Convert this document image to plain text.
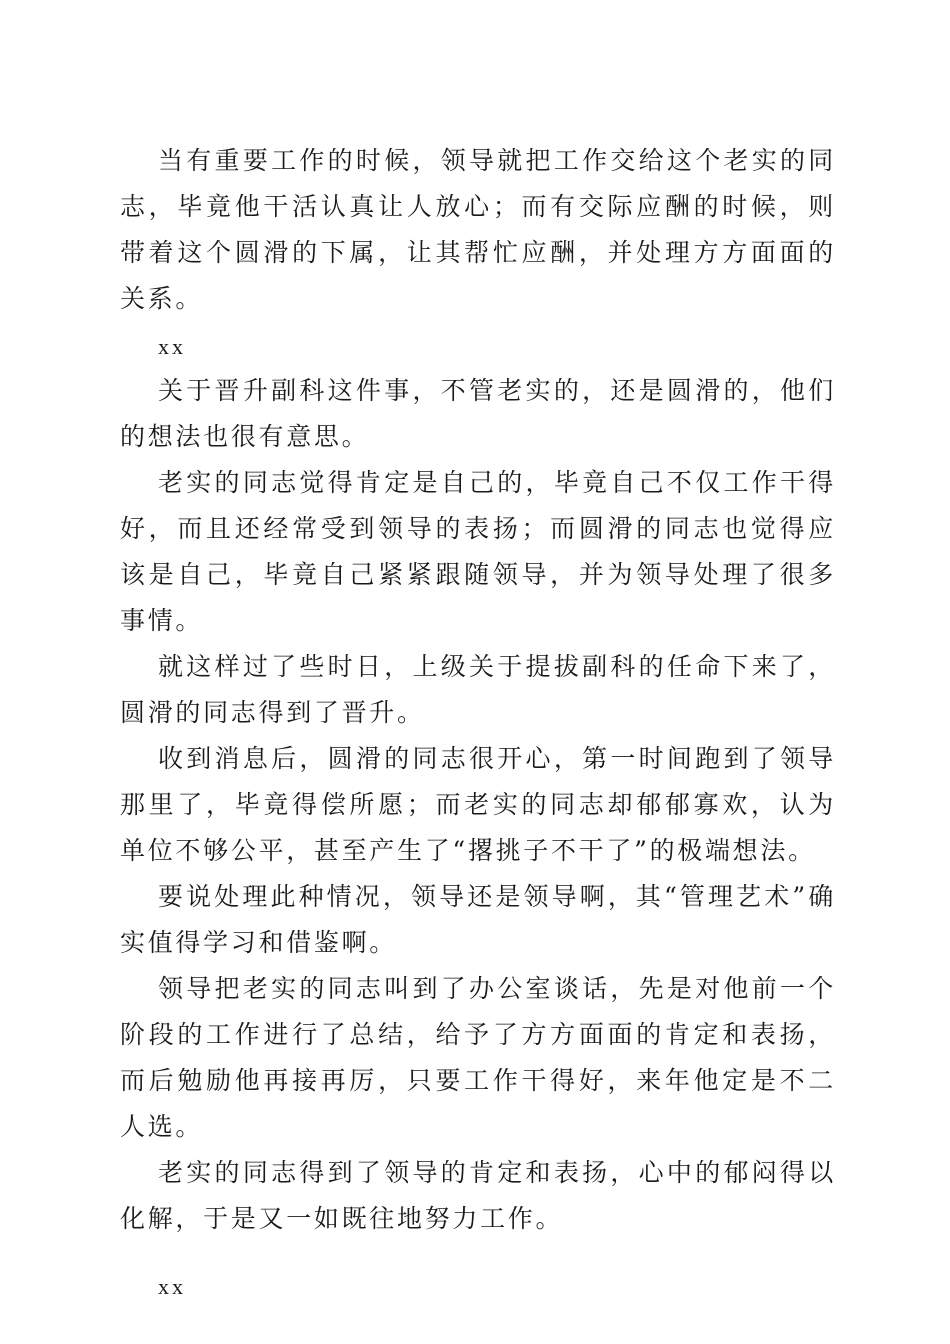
当有重要工作的时候，领导就把工作交给这个老实的同志，毕竟他干活认真让人放心；而有交际应酬的时候，则带着这个圆滑的下属，让其帮忙应酬，并处理方方面面的关系。

xx

关于晋升副科这件事，不管老实的，还是圆滑的，他们的想法也很有意思。

老实的同志觉得肯定是自己的，毕竟自己不仅工作干得好，而且还经常受到领导的表扬；而圆滑的同志也觉得应该是自己，毕竟自己紧紧跟随领导，并为领导处理了很多事情。

就这样过了些时日，上级关于提拔副科的任命下来了，圆滑的同志得到了晋升。

收到消息后，圆滑的同志很开心，第一时间跑到了领导那里了，毕竟得偿所愿；而老实的同志却郁郁寡欢，认为单位不够公平，甚至产生了“撂挑子不干了”的极端想法。

要说处理此种情况，领导还是领导啊，其“管理艺术”确实值得学习和借鉴啊。

领导把老实的同志叫到了办公室谈话，先是对他前一个阶段的工作进行了总结，给予了方方面面的肯定和表扬，而后勉励他再接再厉，只要工作干得好，来年他定是不二人选。

老实的同志得到了领导的肯定和表扬，心中的郁闷得以化解，于是又一如既往地努力工作。

xx
